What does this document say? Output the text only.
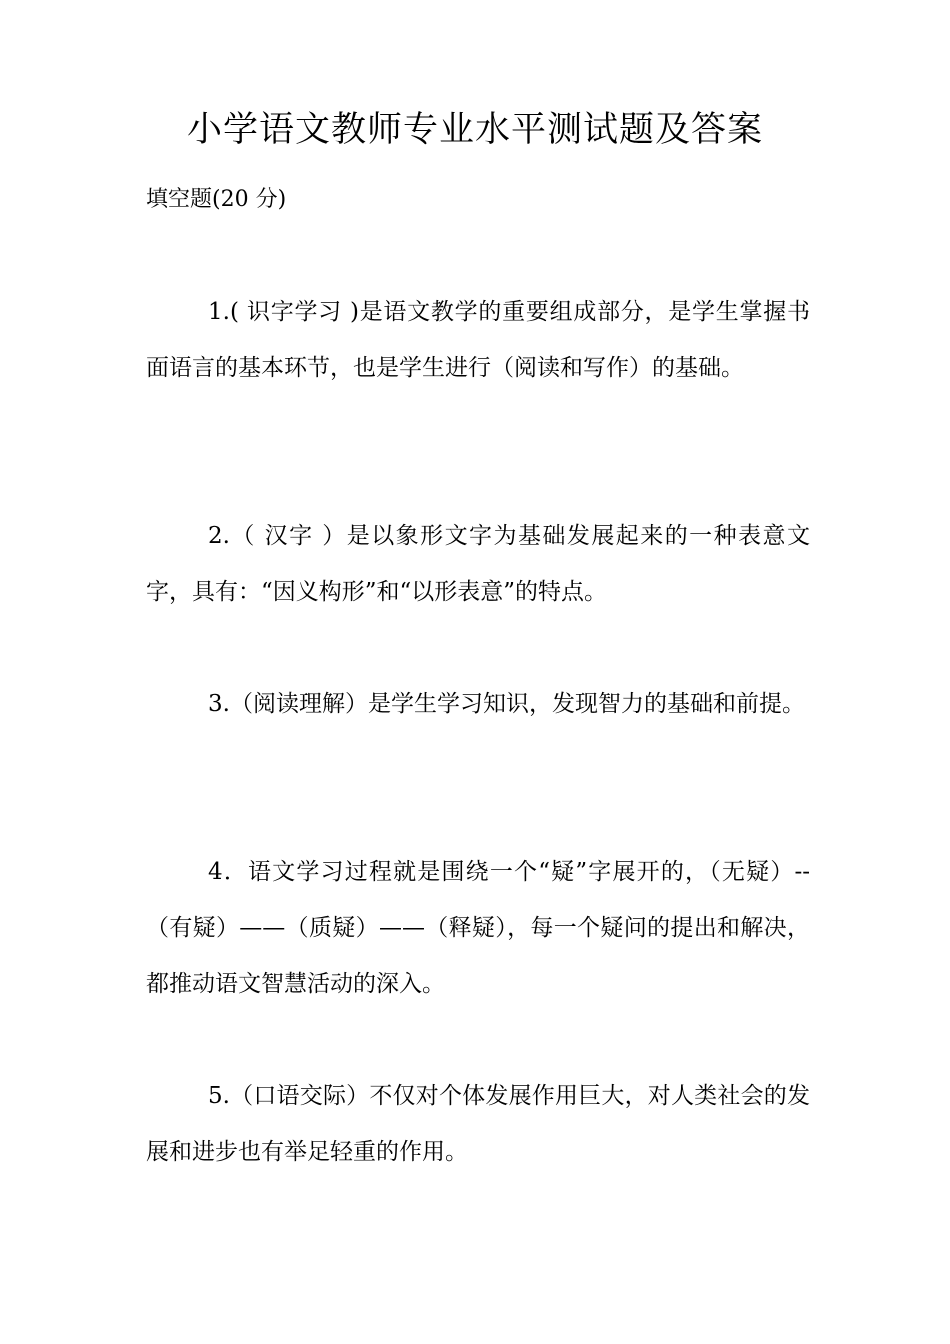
小学语文教师专业水平测试题及答案
填空题(20 分)

1.( 识字学习 )是语文教学的重要组成部分，是学生掌握书面语言的基本环节，也是学生进行（阅读和写作）的基础。

2.（ 汉字 ）是以象形文字为基础发展起来的一种表意文字，具有：“因义构形”和“以形表意”的特点。

3.（阅读理解）是学生学习知识，发现智力的基础和前提。

4．语文学习过程就是围绕一个“疑”字展开的，（无疑）--（有疑）——（质疑）——（释疑），每一个疑问的提出和解决，都推动语文智慧活动的深入。

5.（口语交际）不仅对个体发展作用巨大，对人类社会的发展和进步也有举足轻重的作用。
